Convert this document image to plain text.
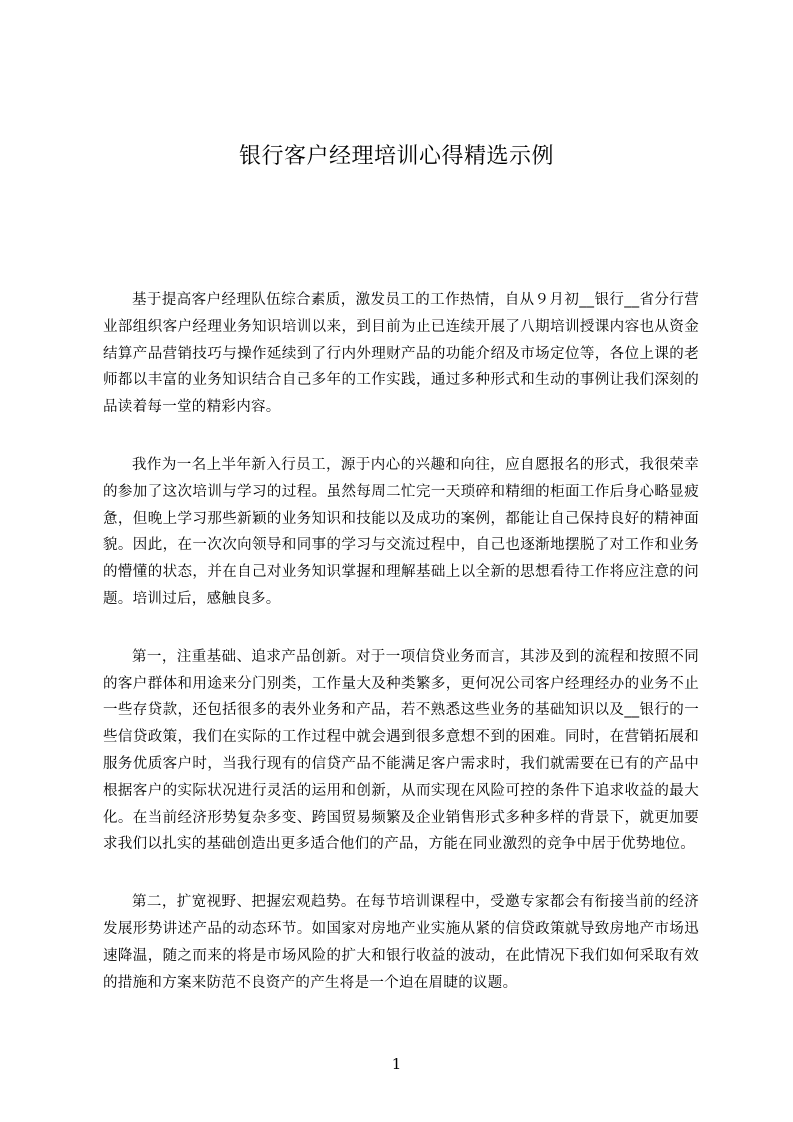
银行客户经理培训心得精选示例

基于提高客户经理队伍综合素质，激发员工的工作热情，自从９月初__银行__省分行营业部组织客户经理业务知识培训以来，到目前为止已连续开展了八期培训授课内容也从资金结算产品营销技巧与操作延续到了行内外理财产品的功能介绍及市场定位等，各位上课的老师都以丰富的业务知识结合自己多年的工作实践，通过多种形式和生动的事例让我们深刻的品读着每一堂的精彩内容。

我作为一名上半年新入行员工，源于内心的兴趣和向往，应自愿报名的形式，我很荣幸的参加了这次培训与学习的过程。虽然每周二忙完一天琐碎和精细的柜面工作后身心略显疲惫，但晚上学习那些新颖的业务知识和技能以及成功的案例，都能让自己保持良好的精神面貌。因此，在一次次向领导和同事的学习与交流过程中，自己也逐渐地摆脱了对工作和业务的懵懂的状态，并在自己对业务知识掌握和理解基础上以全新的思想看待工作将应注意的问题。培训过后，感触良多。

第一，注重基础、追求产品创新。对于一项信贷业务而言，其涉及到的流程和按照不同的客户群体和用途来分门别类，工作量大及种类繁多，更何况公司客户经理经办的业务不止一些存贷款，还包括很多的表外业务和产品，若不熟悉这些业务的基础知识以及__银行的一些信贷政策，我们在实际的工作过程中就会遇到很多意想不到的困难。同时，在营销拓展和服务优质客户时，当我行现有的信贷产品不能满足客户需求时，我们就需要在已有的产品中根据客户的实际状况进行灵活的运用和创新，从而实现在风险可控的条件下追求收益的最大化。在当前经济形势复杂多变、跨国贸易频繁及企业销售形式多种多样的背景下，就更加要求我们以扎实的基础创造出更多适合他们的产品，方能在同业激烈的竞争中居于优势地位。

第二，扩宽视野、把握宏观趋势。在每节培训课程中，受邀专家都会有衔接当前的经济发展形势讲述产品的动态环节。如国家对房地产业实施从紧的信贷政策就导致房地产市场迅速降温，随之而来的将是市场风险的扩大和银行收益的波动，在此情况下我们如何采取有效的措施和方案来防范不良资产的产生将是一个迫在眉睫的议题。

1
